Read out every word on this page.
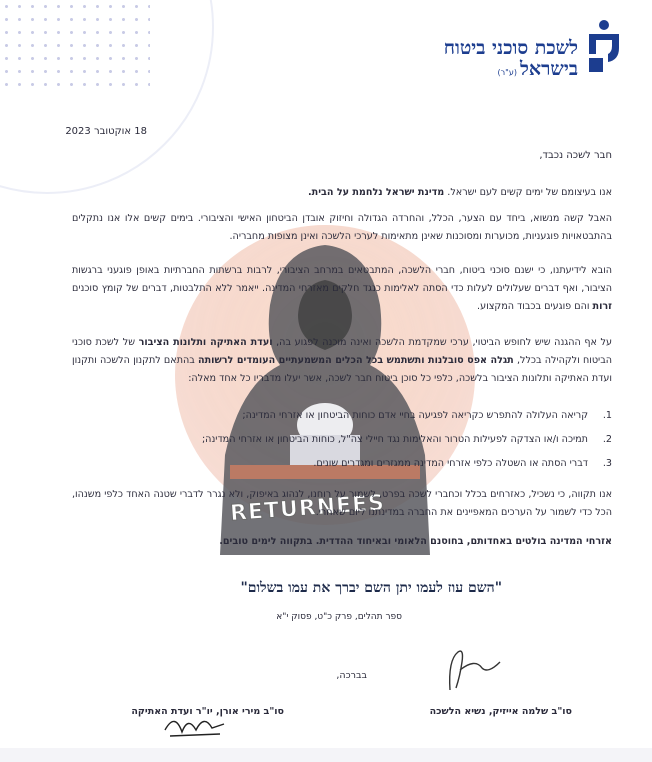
לשכת סוכני ביטוח
בישראל(ע"ר)
18 אוקטובר 2023
חבר לשכה נכבד,
RETURNEES
אנו בעיצומם של ימים קשים לעם ישראל. מדינת ישראל נלחמת על הבית.
האבל קשה מנשוא, ביחד עם הצער, הכלל, והחרדה הגדולה וחיזוק אובדן הביטחון האישי והציבורי. בימים קשים אלו אנו נתקלים בהתבטאויות פוגעניות, מכוערות ומסוכנות שאינן מתאימות לערכי הלשכה ואינן מצופות מחבריה.
הובא לידיעתנו, כי ישנם סוכני ביטוח, חברי הלשכה, המתבטאים במרחב הציבורי, לרבות ברשתות החברתיות באופן פוגעני ברגשות הציבור, ואף דברים שעלולים לעלות כדי הסתה לאלימות כנגד חלקים מאזרחי המדינה. ייאמר ללא התלבטות, דברים של קומץ סוכנים זרות והם פוגעים בכבוד המקצוע.
על אף ההגנה שיש לחופש הביטוי, ערכי שמקדמת הלשכה ואינה מוכנה לפגוע בה, ועדת האתיקה ותלונות הציבור של לשכת סוכני הביטוח ולקהילה בכלל, תגלה אפס סובלנות ותשתמש בכל הכלים המשמעתיים העומדים לרשותה בהתאם לתקנון הלשכה ותקנון ועדת האתיקה ותלונות הציבור בלשכה, כלפי כל סוכן ביטוח חבר לשכה, אשר יעלו מדבריו כל אחד מאלה:
1.
קריאה העלולה להתפרש כקריאה לפגיעה בחיי אדם כוחות הביטחון או אזרחי המדינה;
2.
תמיכה ו/או הצדקה לפעילות הטרור והאלימות נגד חיילי צה"ל, כוחות הביטחון או אזרחי המדינה;
3.
דברי הסתה או השטלה כלפי אזרחי המדינה ממגזרים ומגדרים שונים.
אנו תקווה, כי נשכיל, כאזרחים בכלל וכחברי לשכה בפרט, לשמור על רוחנו, לנהוג באיפוק, ולא נגרר לדברי שטנה האחד כלפי משנהו, הכל כדי לשמור על הערכים המאפיינים את החברה במדינתנו ליום שאחרי.
אזרחי המדינה בולטים באחדותם, בחוסנם הלאומי ובאיחוד ההדדית. בתקווה לימים טובים.
"השם עוז לעמו יתן השם יברך את עמו בשלום"
ספר תהלים, פרק כ"ט, פסוק י"א
בברכה,
סו"ב שלמה אייזיק, נשיא הלשכה
סו"ב מירי אורן, יו"ר ועדת האתיקה
